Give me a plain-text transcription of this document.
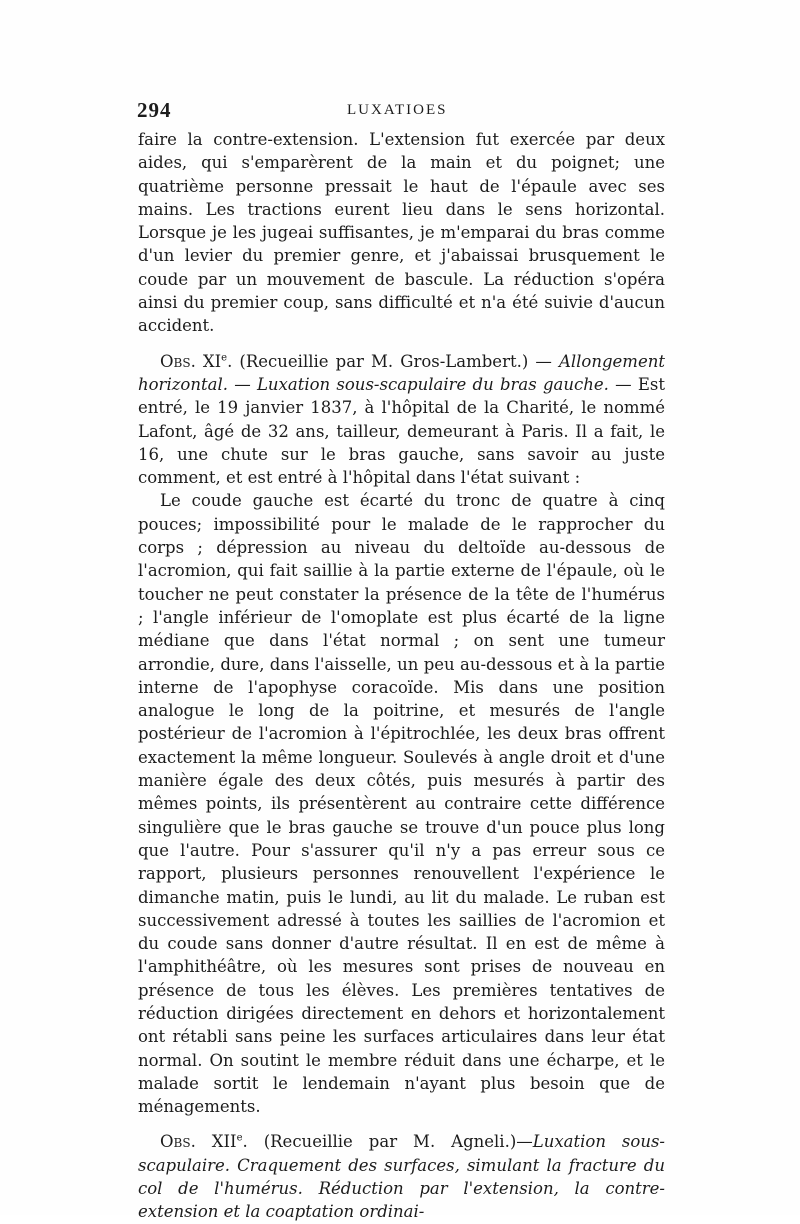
294	LUXATIOES

faire la contre-extension. L'extension fut exercée par deux aides, qui s'emparèrent de la main et du poignet; une quatrième personne pressait le haut de l'épaule avec ses mains. Les tractions eurent lieu dans le sens horizontal. Lorsque je les jugeai suffisantes, je m'emparai du bras comme d'un levier du premier genre, et j'abaissai brusquement le coude par un mouvement de bascule. La réduction s'opéra ainsi du premier coup, sans difficulté et n'a été suivie d'aucun accident.

Obs. XIe. (Recueillie par M. Gros-Lambert.) — Allongement horizontal. — Luxation sous-scapulaire du bras gauche. — Est entré, le 19 janvier 1837, à l'hôpital de la Charité, le nommé Lafont, âgé de 32 ans, tailleur, demeurant à Paris. Il a fait, le 16, une chute sur le bras gauche, sans savoir au juste comment, et est entré à l'hôpital dans l'état suivant :

Le coude gauche est écarté du tronc de quatre à cinq pouces; impossibilité pour le malade de le rapprocher du corps ; dépression au niveau du deltoïde au-dessous de l'acromion, qui fait saillie à la partie externe de l'épaule, où le toucher ne peut constater la présence de la tête de l'humérus ; l'angle inférieur de l'omoplate est plus écarté de la ligne médiane que dans l'état normal ; on sent une tumeur arrondie, dure, dans l'aisselle, un peu au-dessous et à la partie interne de l'apophyse coracoïde. Mis dans une position analogue le long de la poitrine, et mesurés de l'angle postérieur de l'acromion à l'épitrochlée, les deux bras offrent exactement la même longueur. Soulevés à angle droit et d'une manière égale des deux côtés, puis mesurés à partir des mêmes points, ils présentèrent au contraire cette différence singulière que le bras gauche se trouve d'un pouce plus long que l'autre. Pour s'assurer qu'il n'y a pas erreur sous ce rapport, plusieurs personnes renouvellent l'expérience le dimanche matin, puis le lundi, au lit du malade. Le ruban est successivement adressé à toutes les saillies de l'acromion et du coude sans donner d'autre résultat. Il en est de même à l'amphithéâtre, où les mesures sont prises de nouveau en présence de tous les élèves. Les premières tentatives de réduction dirigées directement en dehors et horizontalement ont rétabli sans peine les surfaces articulaires dans leur état normal. On soutint le membre réduit dans une écharpe, et le malade sortit le lendemain n'ayant plus besoin que de ménagements.

Obs. XIIe. (Recueillie par M. Agneli.)—Luxation sous-scapulaire. Craquement des surfaces, simulant la fracture du col de l'humérus. Réduction par l'extension, la contre-extension et la coaptation ordinai-
